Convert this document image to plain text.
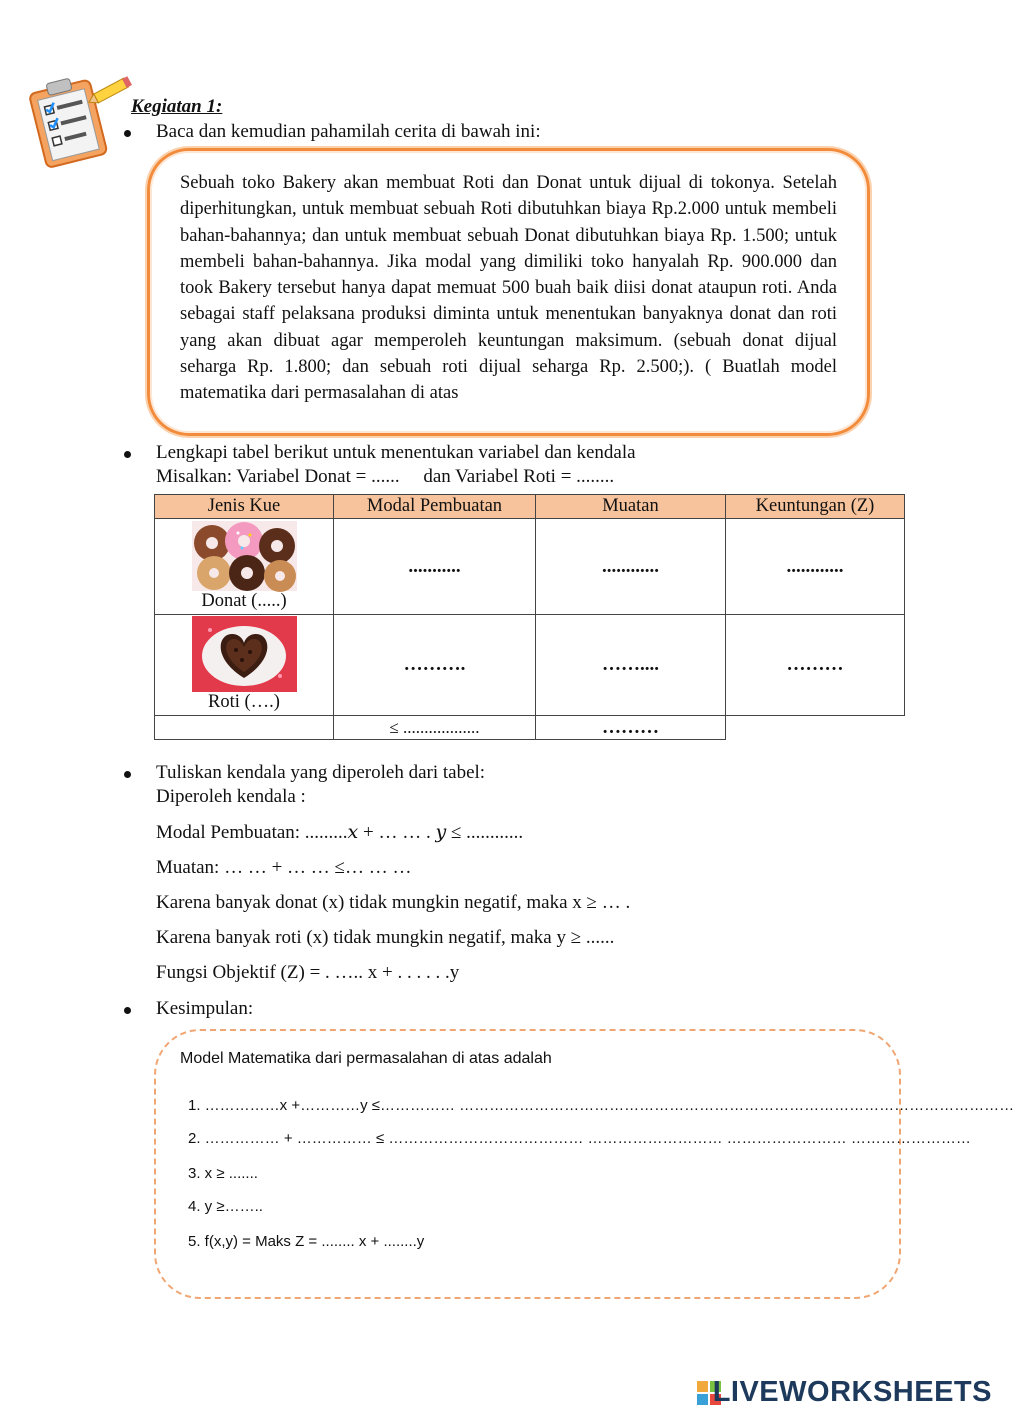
Kegiatan 1:
Baca dan kemudian pahamilah cerita di bawah ini:
Sebuah toko Bakery akan membuat Roti dan Donat untuk dijual di tokonya. Setelah diperhitungkan, untuk membuat sebuah Roti dibutuhkan biaya Rp.2.000 untuk membeli bahan-bahannya; dan untuk membuat sebuah Donat dibutuhkan biaya Rp. 1.500; untuk membeli bahan-bahannya. Jika modal yang dimiliki toko hanyalah Rp. 900.000 dan took Bakery tersebut hanya dapat memuat 500 buah baik diisi donat ataupun roti. Anda sebagai staff pelaksana produksi diminta untuk menentukan banyaknya donat dan roti yang akan dibuat agar memperoleh keuntungan maksimum. (sebuah donat dijual seharga Rp. 1.800; dan sebuah roti dijual seharga Rp. 2.500;). ( Buatlah model matematika dari permasalahan di atas
Lengkapi tabel berikut untuk menentukan variabel dan kendala
Misalkan: Variabel Donat = ......     dan Variabel Roti = ........
Jenis Kue	Modal Pembuatan	Muatan	Keuntungan (Z)

Donat (.....)	...........	............	............

Roti (….)	……….	……....	………
	≤ ..................	………	
Tuliskan kendala yang diperoleh dari tabel:
Diperoleh kendala :
Modal Pembuatan: .........𝑥 + … … . 𝑦 ≤ ............
Muatan: … … + … … ≤… … …
Karena banyak donat (x) tidak mungkin negatif, maka x ≥ … .
Karena banyak roti (x) tidak mungkin negatif, maka y ≥ ......
Fungsi Objektif (Z) = . ….. x + . . . . . .y
Kesimpulan:
Model Matematika dari permasalahan di atas adalah
1. ……………x +…………y ≤…………… …………………………………………………………………………………………………
2. …………… + …………… ≤ ………………………………… ……………………… …………………… ……………………
3. x ≥ .......
4. y ≥……..
5. f(x,y) = Maks Z = ........ x + ........y
LIVEWORKSHEETS
